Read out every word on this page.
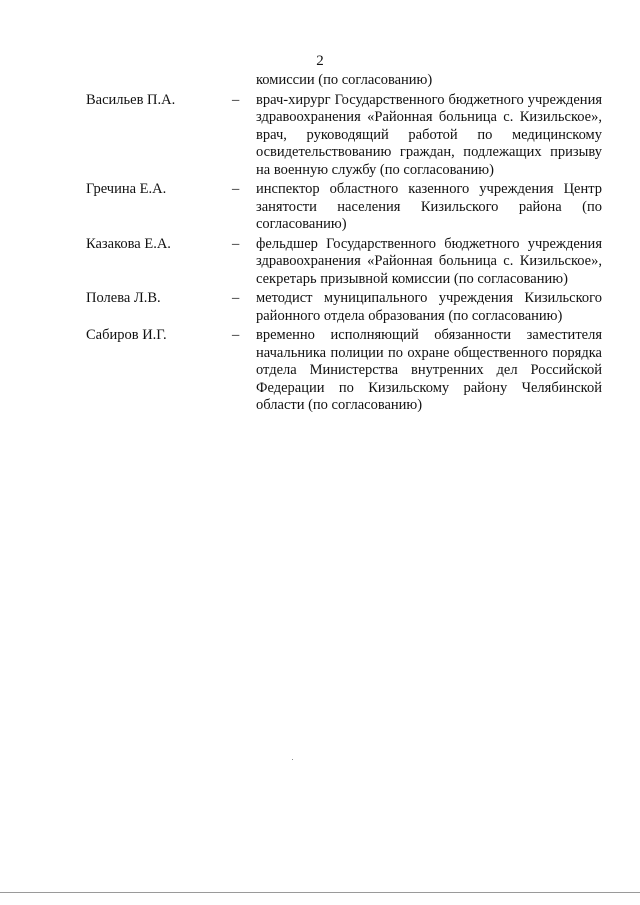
2
комиссии (по согласованию)
Васильев П.А.	–	врач-хирург Государственного бюджетного учреждения здравоохранения «Районная больница с. Кизильское», врач, руководящий работой по медицинскому освидетельствованию граждан, подлежащих призыву на военную службу (по согласованию)
Гречина Е.А.	–	инспектор областного казенного учреждения Центр занятости населения Кизильского района (по согласованию)
Казакова Е.А.	–	фельдшер Государственного бюджетного учреждения здравоохранения «Районная больница с. Кизильское», секретарь призывной комиссии (по согласованию)
Полева Л.В.	–	методист муниципального учреждения Кизильского районного отдела образования (по согласованию)
Сабиров И.Г.	–	временно исполняющий обязанности заместителя начальника полиции по охране общественного порядка отдела Министерства внутренних дел Российской Федерации по Кизильскому району Челябинской области (по согласованию)
